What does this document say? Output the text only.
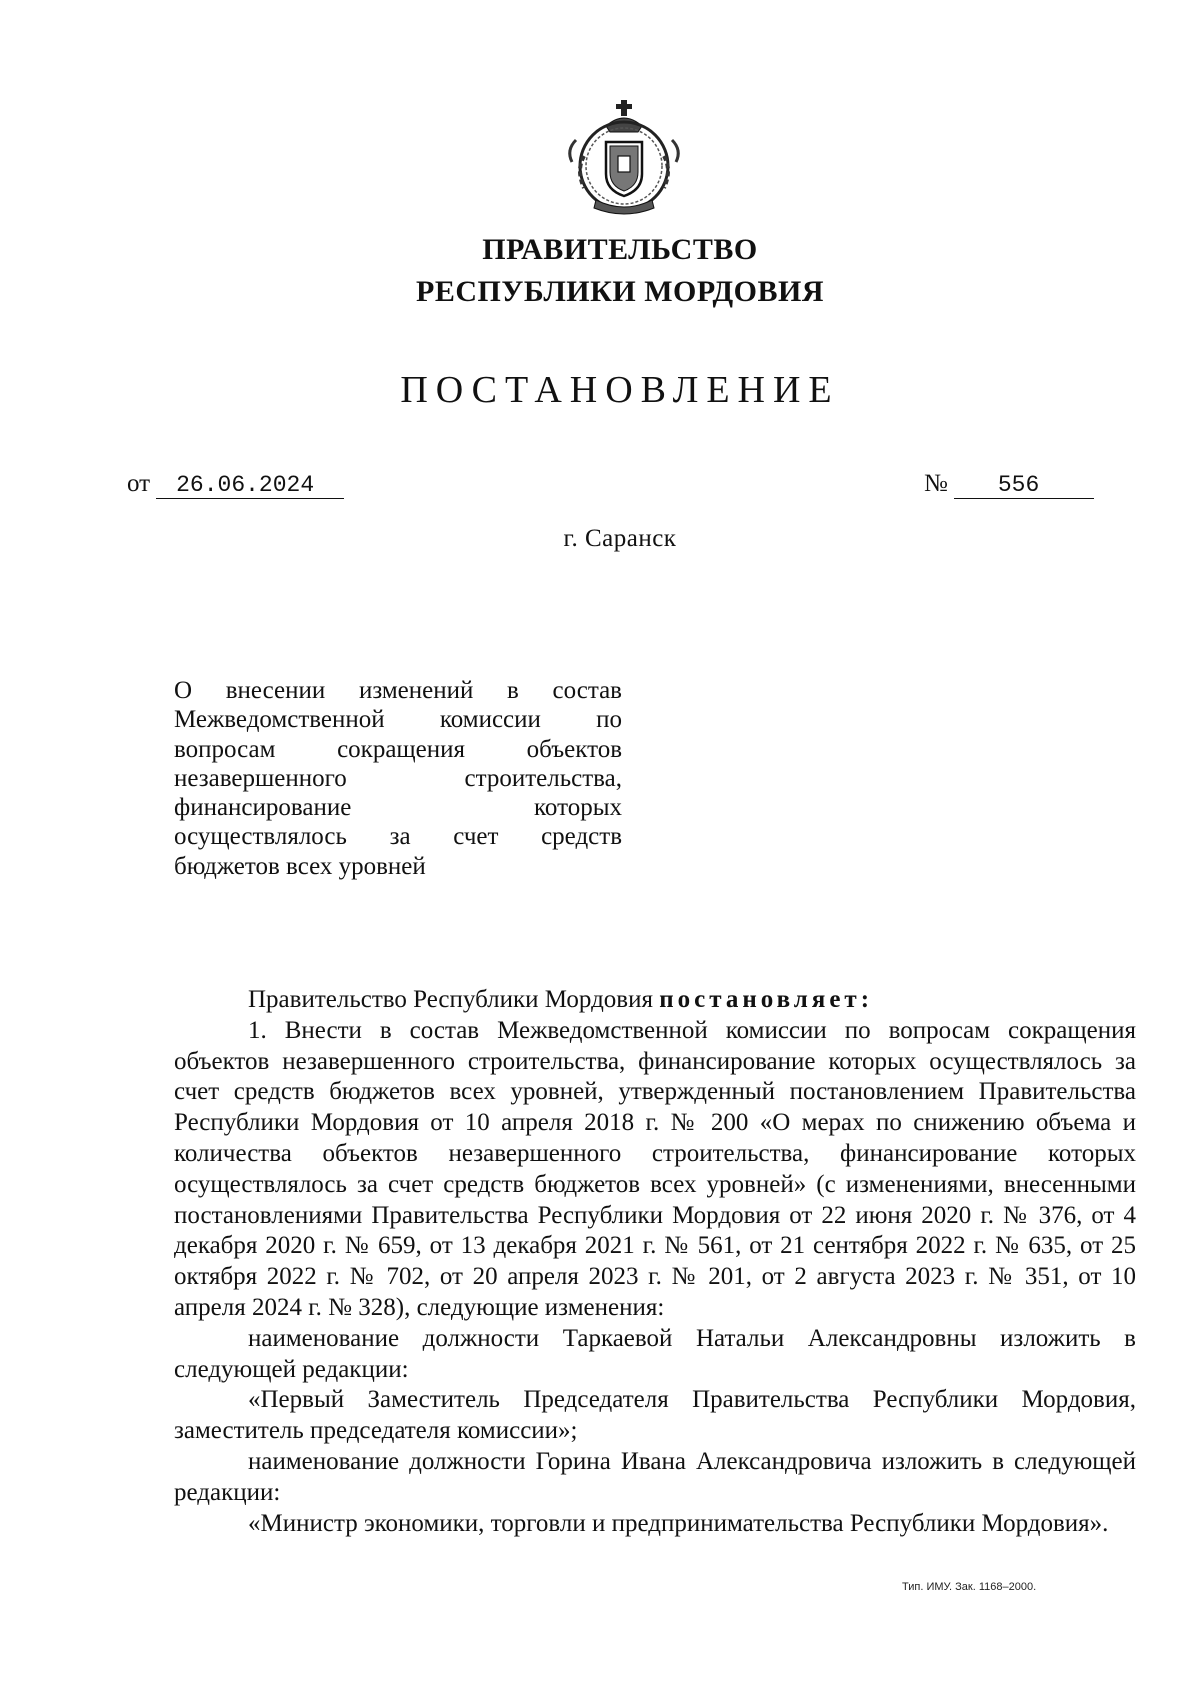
ПРАВИТЕЛЬСТВО
РЕСПУБЛИКИ МОРДОВИЯ
ПОСТАНОВЛЕНИЕ
от 26.06.2024	№ 556
г. Саранск
О внесении изменений в состав Межведомственной комиссии по вопросам сокращения объектов незавершенного строительства, финансирование которых осуществлялось за счет средств бюджетов всех уровней

Правительство Республики Мордовия постановляет:

1. Внести в состав Межведомственной комиссии по вопросам сокращения объектов незавершенного строительства, финансирование которых осуществлялось за счет средств бюджетов всех уровней, утвержденный постановлением Правительства Республики Мордовия от 10 апреля 2018 г. № 200 «О мерах по снижению объема и количества объектов незавершенного строительства, финансирование которых осуществлялось за счет средств бюджетов всех уровней» (с изменениями, внесенными постановлениями Правительства Республики Мордовия от 22 июня 2020 г. № 376, от 4 декабря 2020 г. № 659, от 13 декабря 2021 г. № 561, от 21 сентября 2022 г. № 635, от 25 октября 2022 г. № 702, от 20 апреля 2023 г. № 201, от 2 августа 2023 г. № 351, от 10 апреля 2024 г. № 328), следующие изменения:

наименование должности Таркаевой Натальи Александровны изложить в следующей редакции:

«Первый Заместитель Председателя Правительства Республики Мордовия, заместитель председателя комиссии»;

наименование должности Горина Ивана Александровича изложить в следующей редакции:

«Министр экономики, торговли и предпринимательства Республики Мордовия».

Тип. ИМУ. Зак. 1168–2000.
